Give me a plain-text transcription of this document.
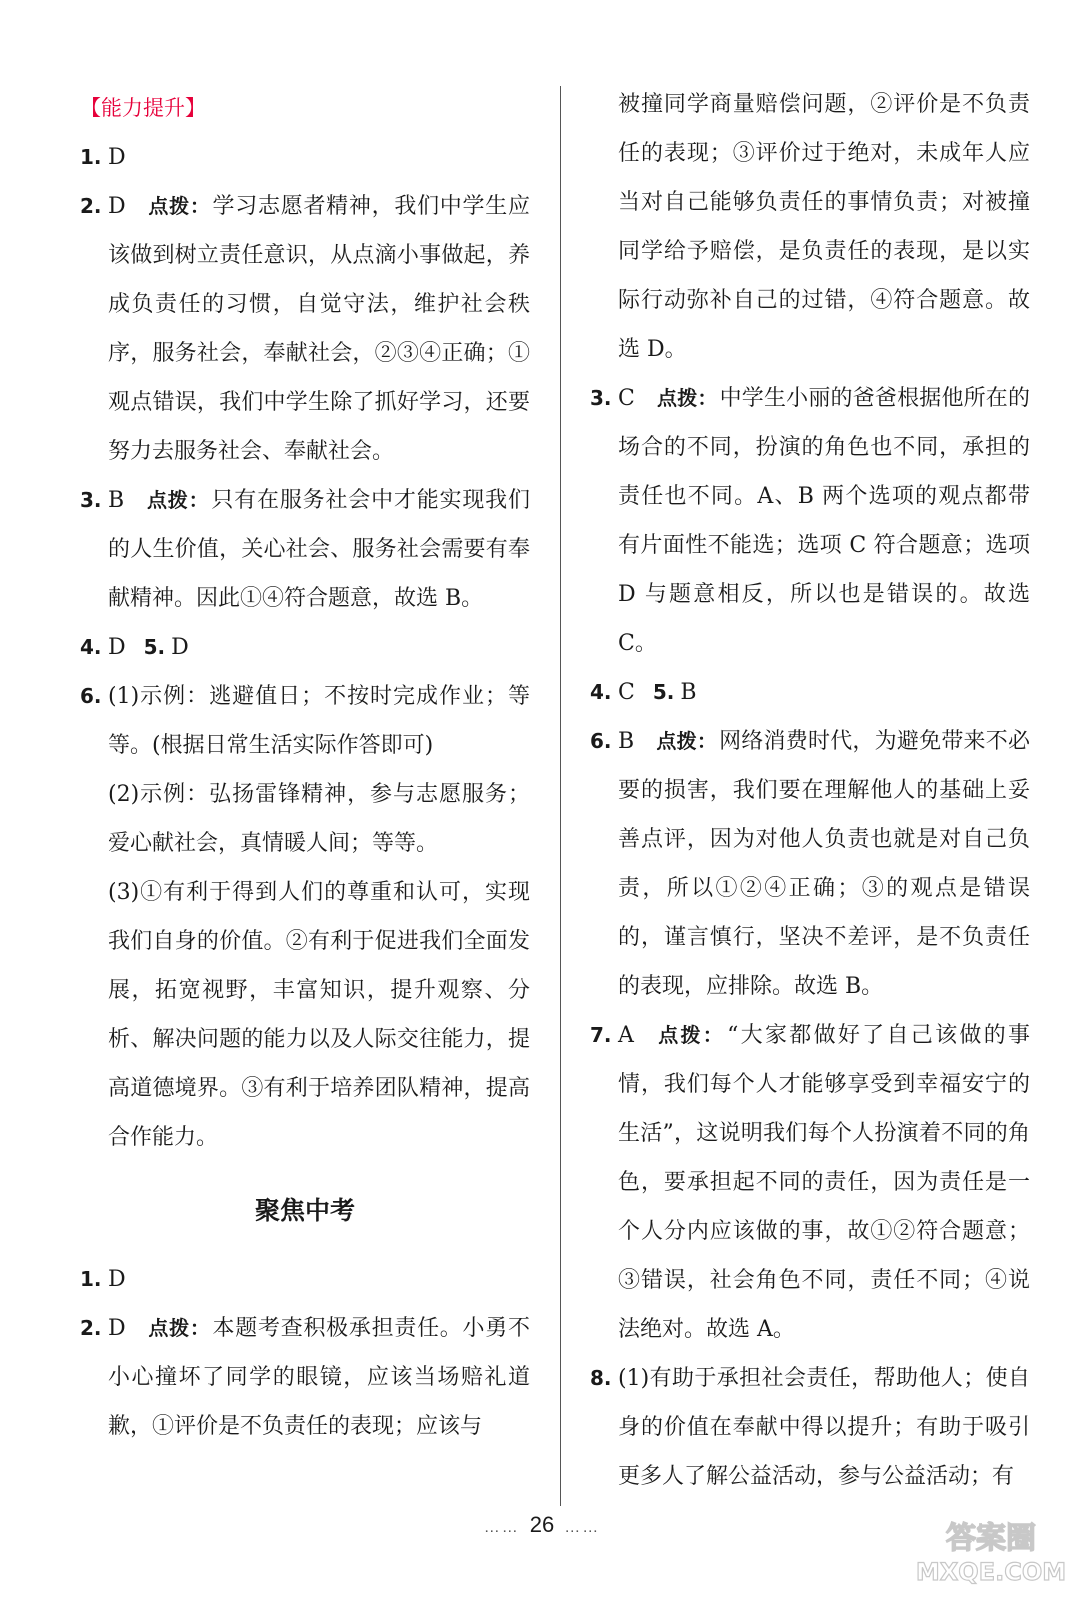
【能力提升】
1. D
2. D 点拨：学习志愿者精神，我们中学生应该做到树立责任意识，从点滴小事做起，养成负责任的习惯，自觉守法，维护社会秩序，服务社会，奉献社会，②③④正确；①观点错误，我们中学生除了抓好学习，还要努力去服务社会、奉献社会。
3. B 点拨：只有在服务社会中才能实现我们的人生价值，关心社会、服务社会需要有奉献精神。因此①④符合题意，故选 B。
4. D 5. D
6. (1)示例：逃避值日；不按时完成作业；等等。(根据日常生活实际作答即可)
(2)示例：弘扬雷锋精神，参与志愿服务；爱心献社会，真情暖人间；等等。
(3)①有利于得到人们的尊重和认可，实现我们自身的价值。②有利于促进我们全面发展，拓宽视野，丰富知识，提升观察、分析、解决问题的能力以及人际交往能力，提高道德境界。③有利于培养团队精神，提高合作能力。
聚焦中考
1. D
2. D 点拨：本题考查积极承担责任。小勇不小心撞坏了同学的眼镜，应该当场赔礼道歉，①评价是不负责任的表现；应该与
被撞同学商量赔偿问题，②评价是不负责任的表现；③评价过于绝对，未成年人应当对自己能够负责任的事情负责；对被撞同学给予赔偿，是负责任的表现，是以实际行动弥补自己的过错，④符合题意。故选 D。
3. C 点拨：中学生小丽的爸爸根据他所在的场合的不同，扮演的角色也不同，承担的责任也不同。A、B 两个选项的观点都带有片面性不能选；选项 C 符合题意；选项 D 与题意相反，所以也是错误的。故选 C。
4. C 5. B
6. B 点拨：网络消费时代，为避免带来不必要的损害，我们要在理解他人的基础上妥善点评，因为对他人负责也就是对自己负责，所以①②④正确；③的观点是错误的，谨言慎行，坚决不差评，是不负责任的表现，应排除。故选 B。
7. A 点拨：“大家都做好了自己该做的事情，我们每个人才能够享受到幸福安宁的生活”，这说明我们每个人扮演着不同的角色，要承担起不同的责任，因为责任是一个人分内应该做的事，故①②符合题意；③错误，社会角色不同，责任不同；④说法绝对。故选 A。
8. (1)有助于承担社会责任，帮助他人；使自身的价值在奉献中得以提升；有助于吸引更多人了解公益活动，参与公益活动；有
…… 26 ……	答案圈
MXQE.COM
